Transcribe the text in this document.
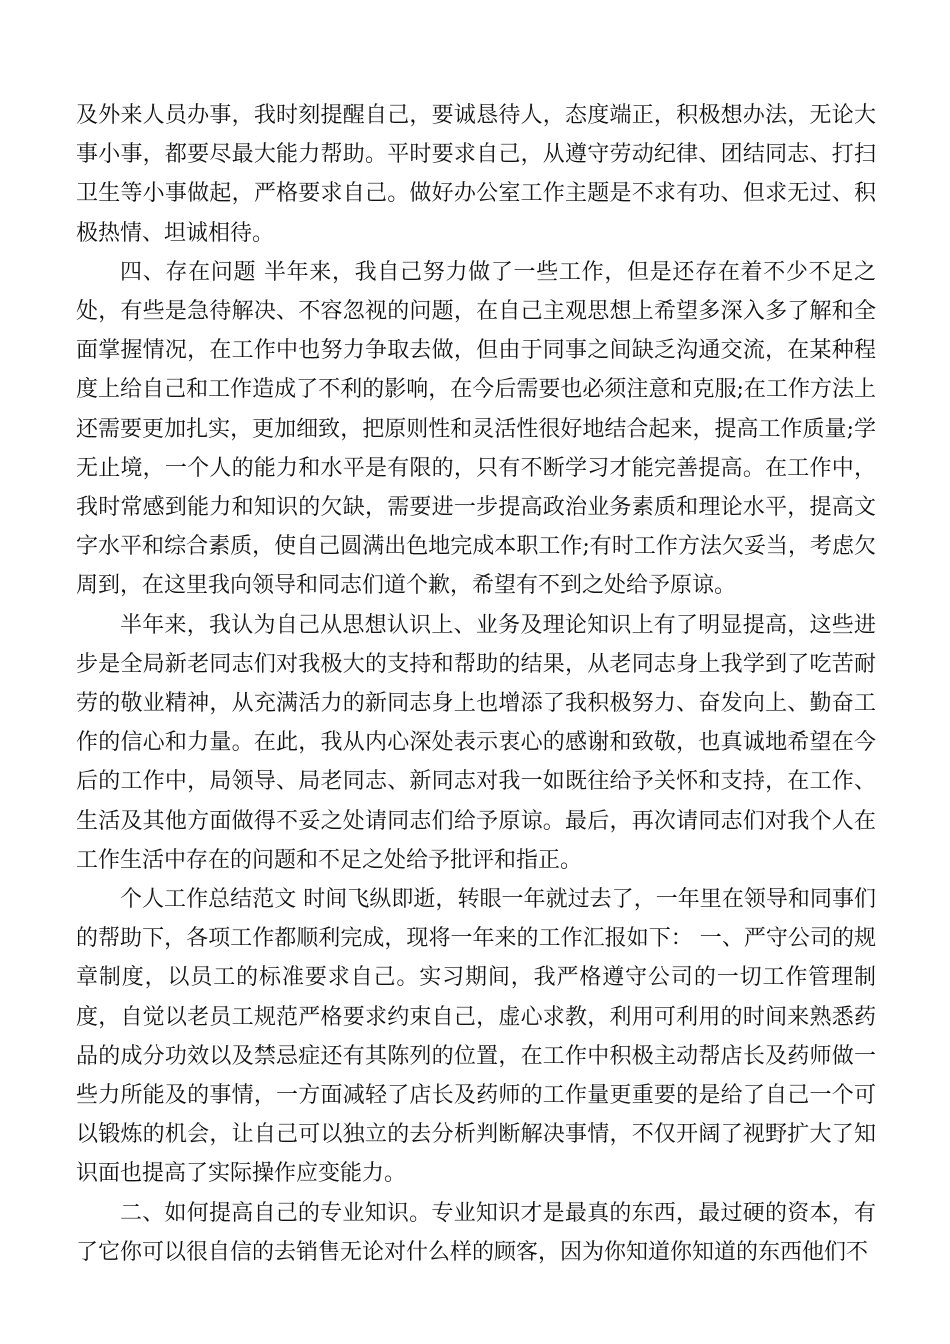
及外来人员办事，我时刻提醒自己，要诚恳待人，态度端正，积极想办法，无论大事小事，都要尽最大能力帮助。平时要求自己，从遵守劳动纪律、团结同志、打扫卫生等小事做起，严格要求自己。做好办公室工作主题是不求有功、但求无过、积极热情、坦诚相待。

四、存在问题 半年来，我自己努力做了一些工作，但是还存在着不少不足之处，有些是急待解决、不容忽视的问题，在自己主观思想上希望多深入多了解和全面掌握情况，在工作中也努力争取去做，但由于同事之间缺乏沟通交流，在某种程度上给自己和工作造成了不利的影响，在今后需要也必须注意和克服;在工作方法上还需要更加扎实，更加细致，把原则性和灵活性很好地结合起来，提高工作质量;学无止境，一个人的能力和水平是有限的，只有不断学习才能完善提高。在工作中，我时常感到能力和知识的欠缺，需要进一步提高政治业务素质和理论水平，提高文字水平和综合素质，使自己圆满出色地完成本职工作;有时工作方法欠妥当，考虑欠周到，在这里我向领导和同志们道个歉，希望有不到之处给予原谅。

半年来，我认为自己从思想认识上、业务及理论知识上有了明显提高，这些进步是全局新老同志们对我极大的支持和帮助的结果，从老同志身上我学到了吃苦耐劳的敬业精神，从充满活力的新同志身上也增添了我积极努力、奋发向上、勤奋工作的信心和力量。在此，我从内心深处表示衷心的感谢和致敬，也真诚地希望在今后的工作中，局领导、局老同志、新同志对我一如既往给予关怀和支持，在工作、生活及其他方面做得不妥之处请同志们给予原谅。最后，再次请同志们对我个人在工作生活中存在的问题和不足之处给予批评和指正。

个人工作总结范文 时间飞纵即逝，转眼一年就过去了，一年里在领导和同事们的帮助下，各项工作都顺利完成，现将一年来的工作汇报如下： 一、严守公司的规章制度，以员工的标准要求自己。实习期间，我严格遵守公司的一切工作管理制度，自觉以老员工规范严格要求约束自己，虚心求教，利用可利用的时间来熟悉药品的成分功效以及禁忌症还有其陈列的位置，在工作中积极主动帮店长及药师做一些力所能及的事情，一方面减轻了店长及药师的工作量更重要的是给了自己一个可以锻炼的机会，让自己可以独立的去分析判断解决事情，不仅开阔了视野扩大了知识面也提高了实际操作应变能力。

二、如何提高自己的专业知识。专业知识才是最真的东西，最过硬的资本，有了它你可以很自信的去销售无论对什么样的顾客，因为你知道你知道的东西他们不
